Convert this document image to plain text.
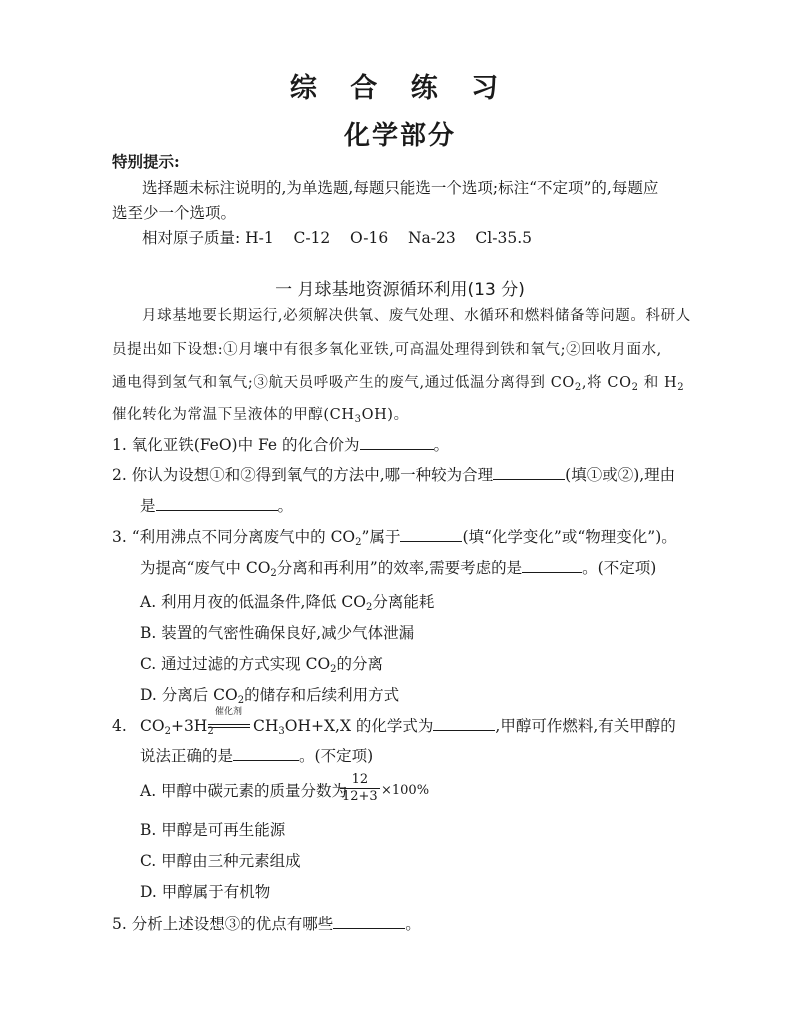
综 合 练 习
化学部分
特别提示:
选择题未标注说明的,为单选题,每题只能选一个选项;标注“不定项”的,每题应
选至少一个选项。
相对原子质量: H-1    C-12    O-16    Na-23    Cl-35.5
一 月球基地资源循环利用(13 分)
月球基地要长期运行,必须解决供氧、废气处理、水循环和燃料储备等问题。科研人
员提出如下设想:①月壤中有很多氧化亚铁,可高温处理得到铁和氧气;②回收月面水,
通电得到氢气和氧气;③航天员呼吸产生的废气,通过低温分离得到 $CO_2$,将 $CO_2$ 和 $H_2$
催化转化为常温下呈液体的甲醇$(CH_3OH)$。
1. 氧化亚铁(FeO)中 Fe 的化合价为	。
2. 你认为设想①和②得到氧气的方法中,哪一种较为合理	(填①或②),理由
是	。
3. “利用沸点不同分离废气中的 CO2”属于	(填“化学变化”或“物理变化”)。
为提高“废气中 CO2分离和再利用”的效率,需要考虑的是	。(不定项)
A. 利用月夜的低温条件,降低 CO2分离能耗
B. 装置的气密性确保良好,减少气体泄漏
C. 通过过滤的方式实现 CO2的分离
D. 分离后 CO2的储存和后续利用方式
4. CO2+3H2
催化剂
CH3OH+X,X 的化学式为	,甲醇可作燃料,有关甲醇的
说法正确的是	。(不定项)
A. 甲醇中碳元素的质量分数为
$\frac{12}{12+3} \times 100\%$
B. 甲醇是可再生能源
C. 甲醇由三种元素组成
D. 甲醇属于有机物
5. 分析上述设想③的优点有哪些	。
